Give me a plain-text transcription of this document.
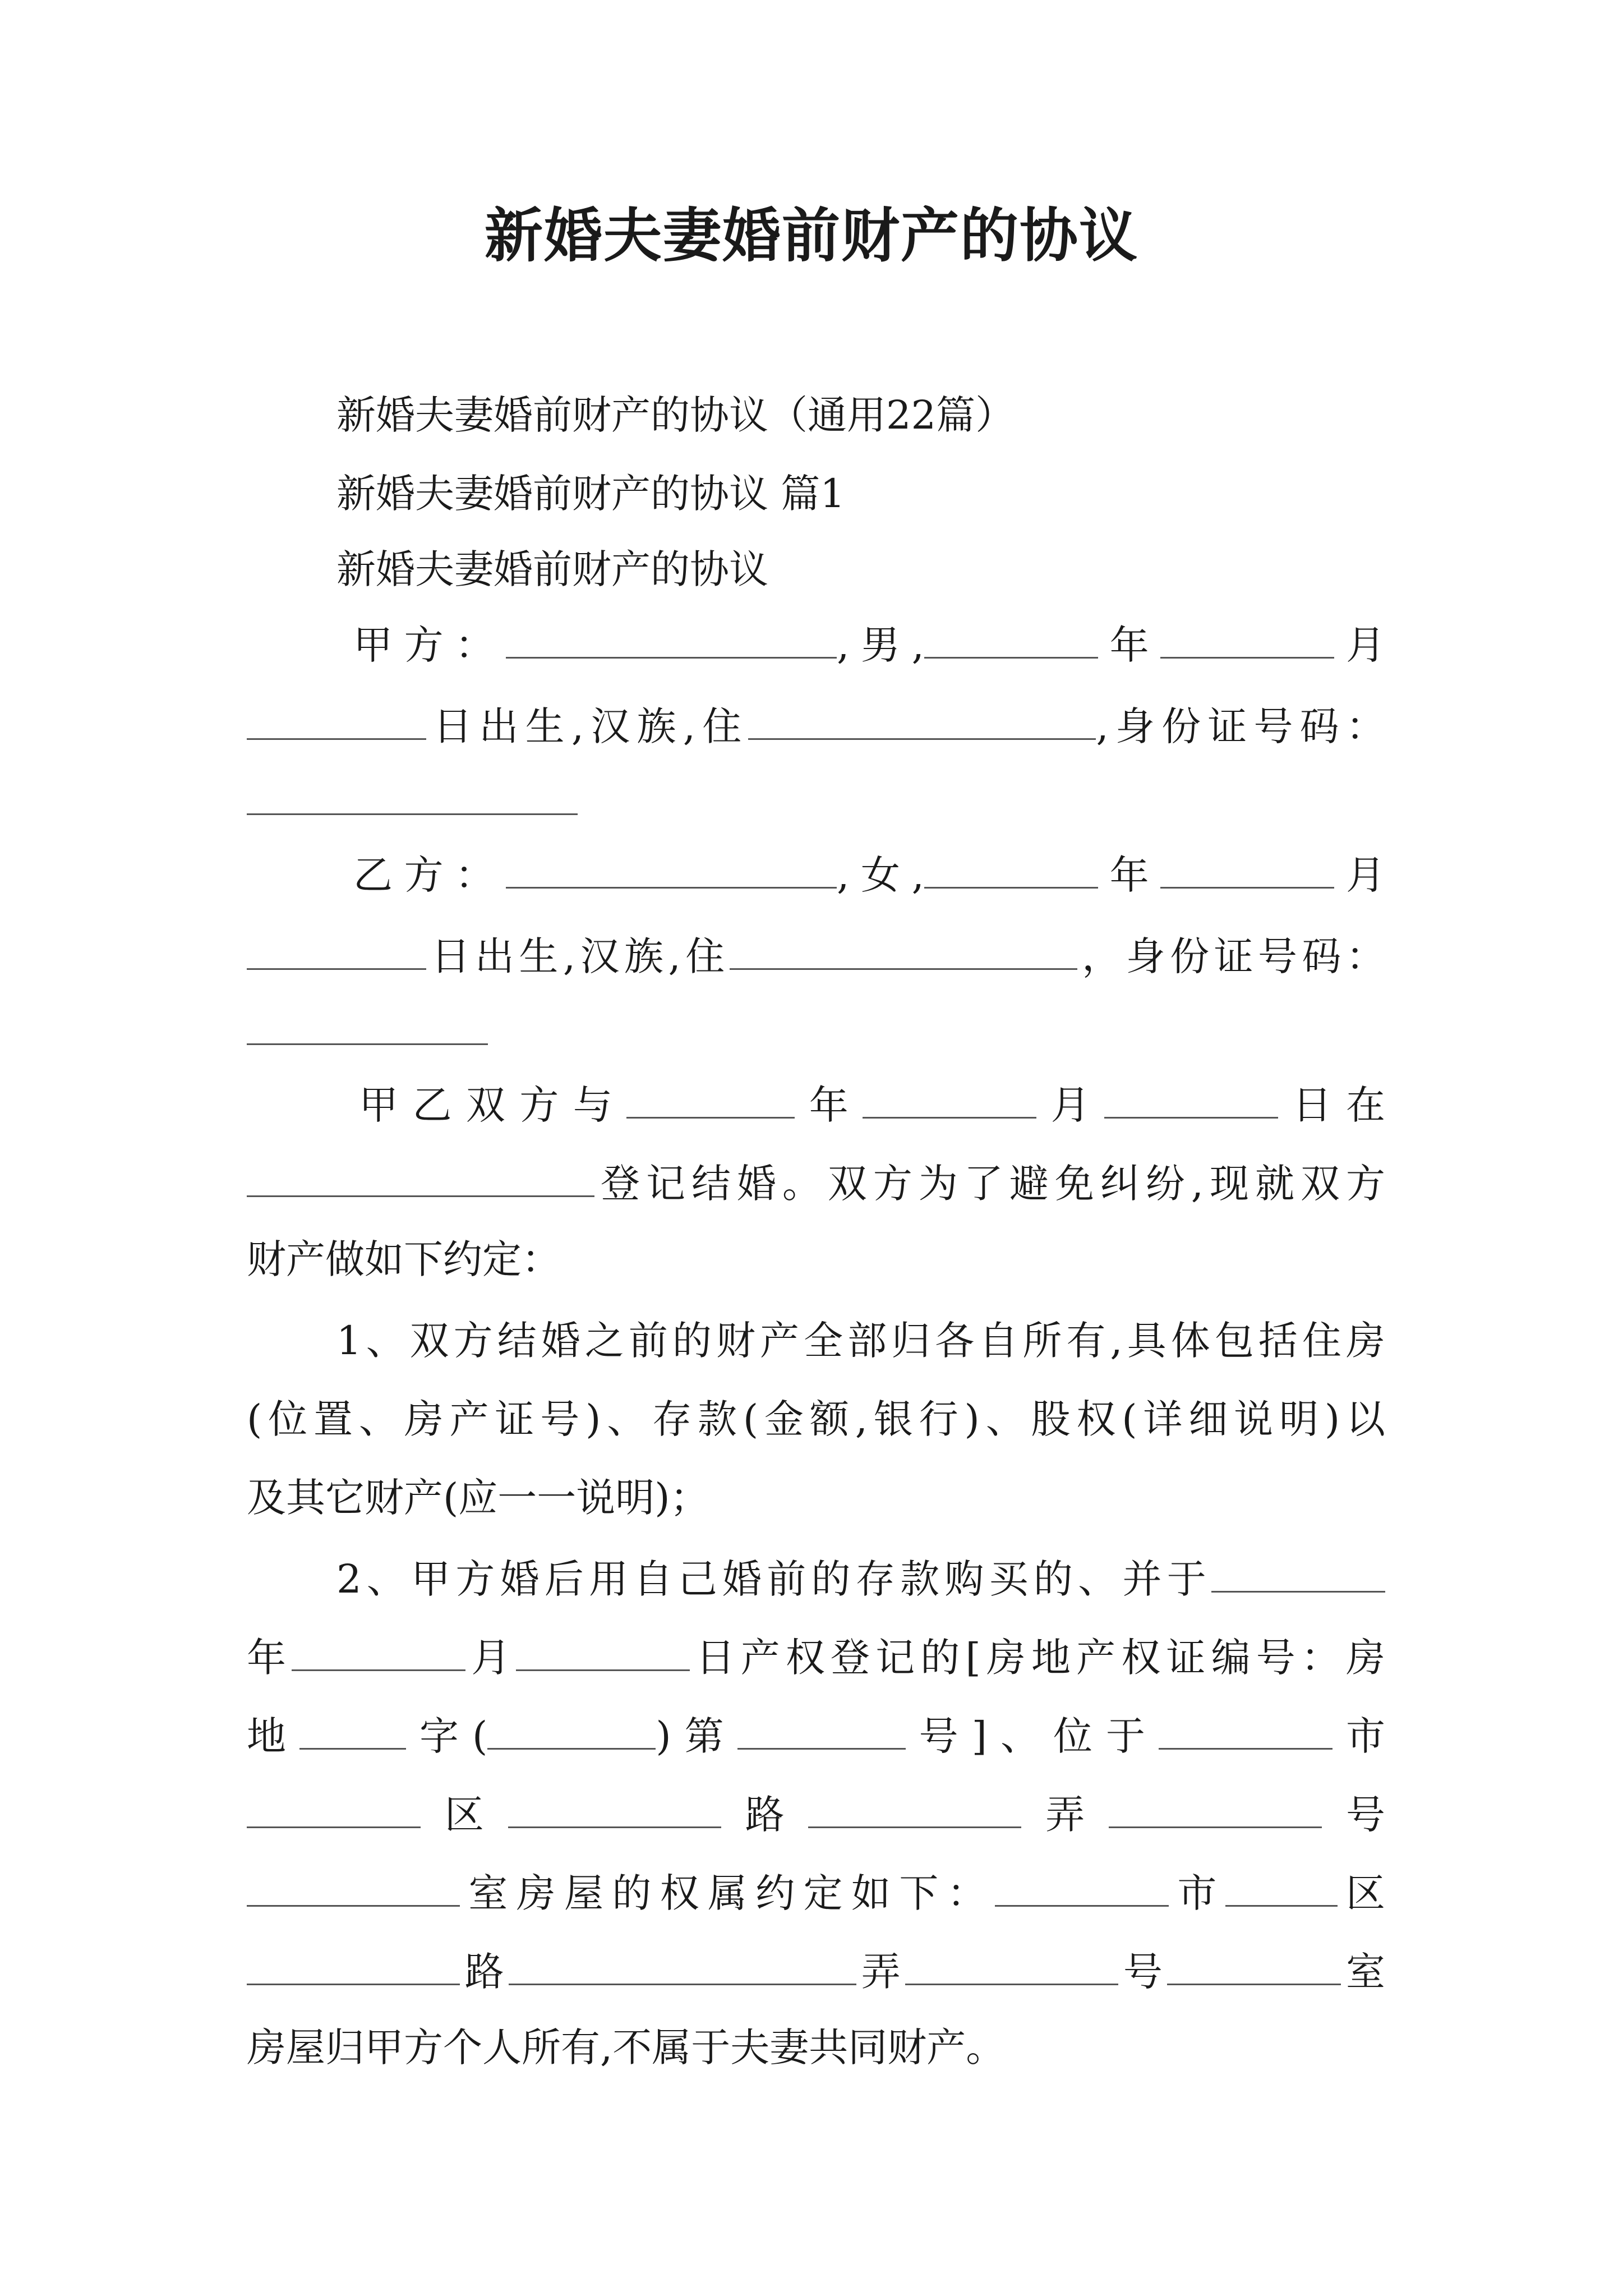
新婚夫妻婚前财产的协议
新婚夫妻婚前财产的协议（通用22篇）
新婚夫妻婚前财产的协议 篇1
新婚夫妻婚前财产的协议
甲方：	,男,	年	月
日出生,汉族,住	,身份证号码：
乙方：	,女,	年	月
日出生,汉族,住	，身份证号码：
甲乙双方与	年	月	日在
登记结婚。双方为了避免纠纷,现就双方
财产做如下约定：
1、双方结婚之前的财产全部归各自所有,具体包括住房
(位置、房产证号)、存款(金额,银行)、股权(详细说明)以
及其它财产(应一一说明)；
2、甲方婚后用自己婚前的存款购买的、并于
年	月	日产权登记的[房地产权证编号：房
地	字(	)第	号]、位于	市
区	路	弄	号
室房屋的权属约定如下：	市	区
路	弄	号	室
房屋归甲方个人所有,不属于夫妻共同财产。
